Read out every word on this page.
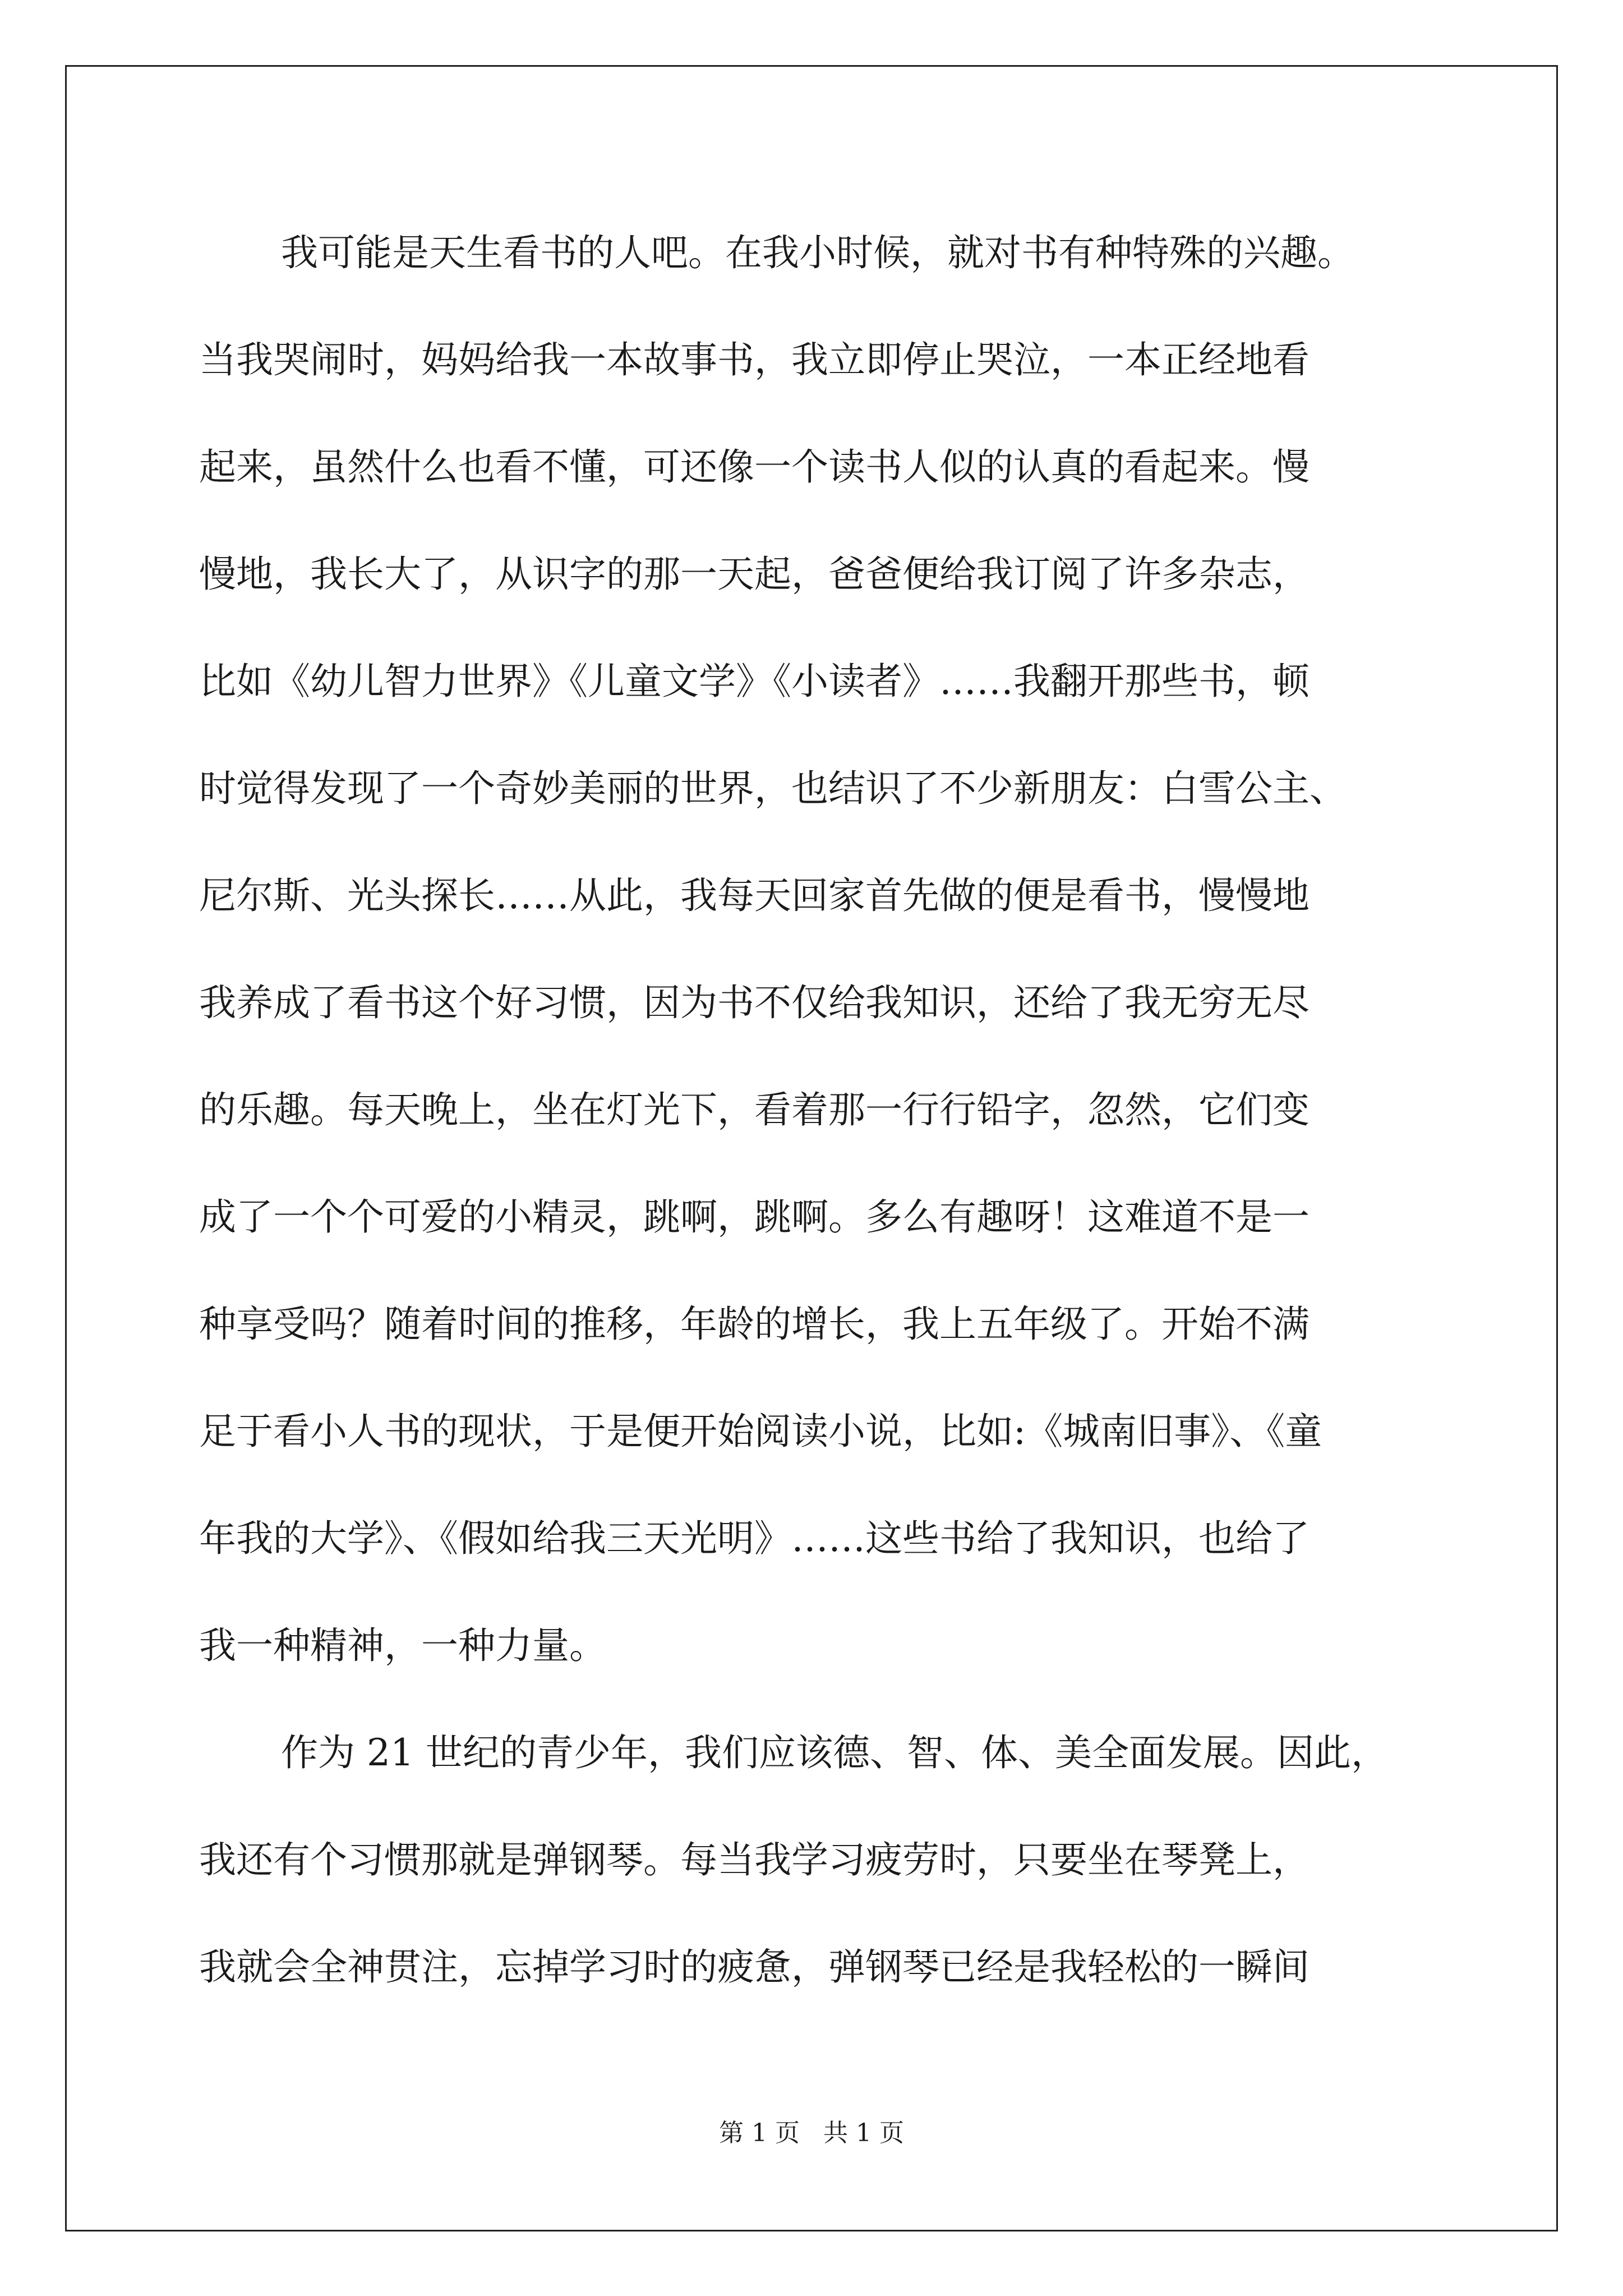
我可能是天生看书的人吧。在我小时候，就对书有种特殊的兴趣。
当我哭闹时，妈妈给我一本故事书，我立即停止哭泣，一本正经地看
起来，虽然什么也看不懂，可还像一个读书人似的认真的看起来。慢
慢地，我长大了，从识字的那一天起，爸爸便给我订阅了许多杂志，
比如《幼儿智力世界》《儿童文学》《小读者》……我翻开那些书，顿
时觉得发现了一个奇妙美丽的世界，也结识了不少新朋友：白雪公主、
尼尔斯、光头探长……从此，我每天回家首先做的便是看书，慢慢地
我养成了看书这个好习惯，因为书不仅给我知识，还给了我无穷无尽
的乐趣。每天晚上，坐在灯光下，看着那一行行铅字，忽然，它们变
成了一个个可爱的小精灵，跳啊，跳啊。多么有趣呀！这难道不是一
种享受吗？随着时间的推移，年龄的增长，我上五年级了。开始不满
足于看小人书的现状，于是便开始阅读小说，比如:《城南旧事》、《童
年我的大学》、《假如给我三天光明》……这些书给了我知识，也给了
我一种精神，一种力量。
作为 21 世纪的青少年，我们应该德、智、体、美全面发展。因此，
我还有个习惯那就是弹钢琴。每当我学习疲劳时，只要坐在琴凳上，
我就会全神贯注，忘掉学习时的疲惫，弹钢琴已经是我轻松的一瞬间
第 1 页   共 1 页
